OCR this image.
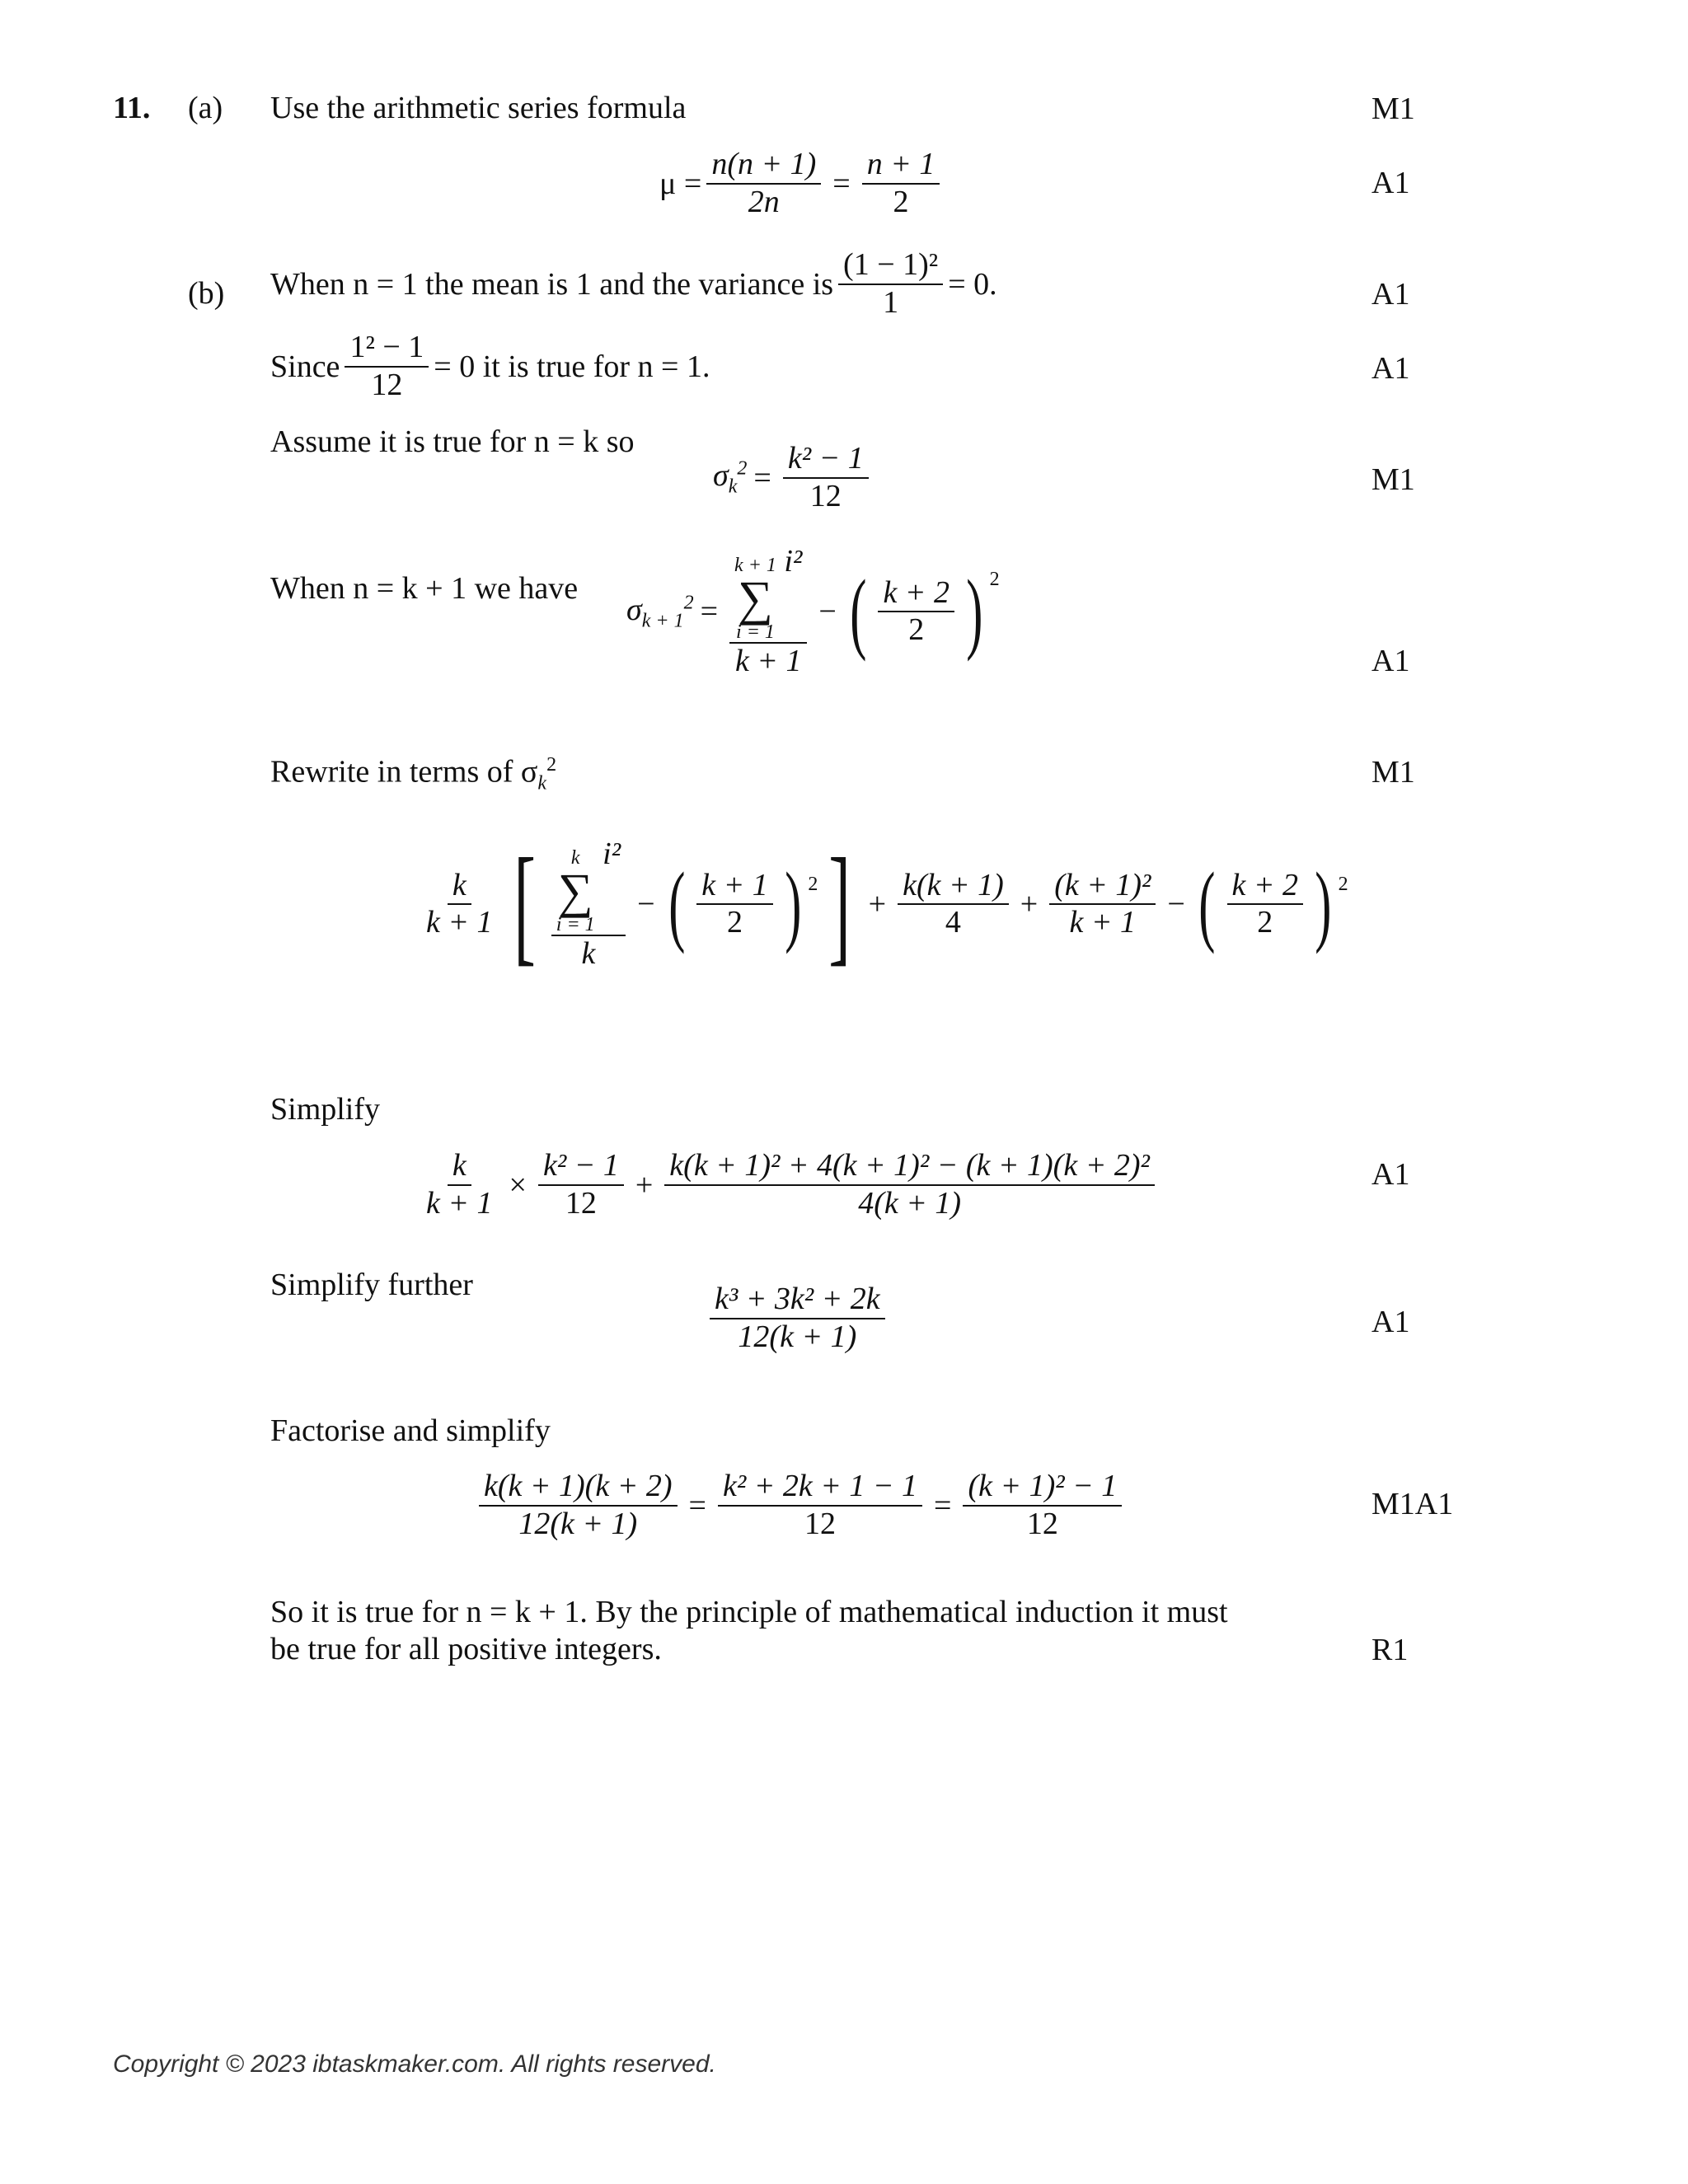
11. (a) Use the arithmetic series formula	M1
$\mu = \frac{n(n + 1)}{2n} = \frac{n + 1}{2}$	A1
(b) When n = 1 the mean is 1 and the variance is $\frac{\text{(1 − 1)²}}{1} = 0$.	A1
Since $\frac{\text{1² − 1}}{12} = 0$ it is true for n = 1.	A1
Assume it is true for n = k so
$\sigma_k^2 = \frac{\text{k² − 1}}{12}$	M1
When n = k + 1 we have
$\sigma_{k + 1}^2 = k + 1$
∑
i = 1
i²
k + 1 − ( $\frac{k + 2}{2}$ ) 2
A1
Rewrite in terms of $\sigma_k^2$	M1
$\frac{k}{k + 1}$ [ k
∑
i = 1
i²
k − ( $\frac{k + 1}{2}$ ) 2 ] + $\frac{k(k + 1)}{4} + \frac{\text{(k + 1)²}}{k + 1}$ − ( $\frac{k + 2}{2}$ ) 2
Simplify
$\frac{k}{k + 1} \times \frac{\text{k² − 1}}{12} + \frac{\text{k(k + 1)² + 4(k + 1)² − (k + 1)(k + 2)²}}{4(k + 1)}$	A1
Simplify further	$\frac{\text{k³ + 3k² + 2k}}{12(k + 1)}$	A1
Factorise and simplify
$\frac{k(k + 1)(k + 2)}{12(k + 1)} = \frac{\text{k² + 2k + 1 − 1}}{12} = \frac{\text{(k + 1)² − 1}}{12}$	M1A1
So it is true for n = k + 1. By the principle of mathematical induction it must
be true for all positive integers.	R1
Copyright © 2023 ibtaskmaker.com. All rights reserved.
